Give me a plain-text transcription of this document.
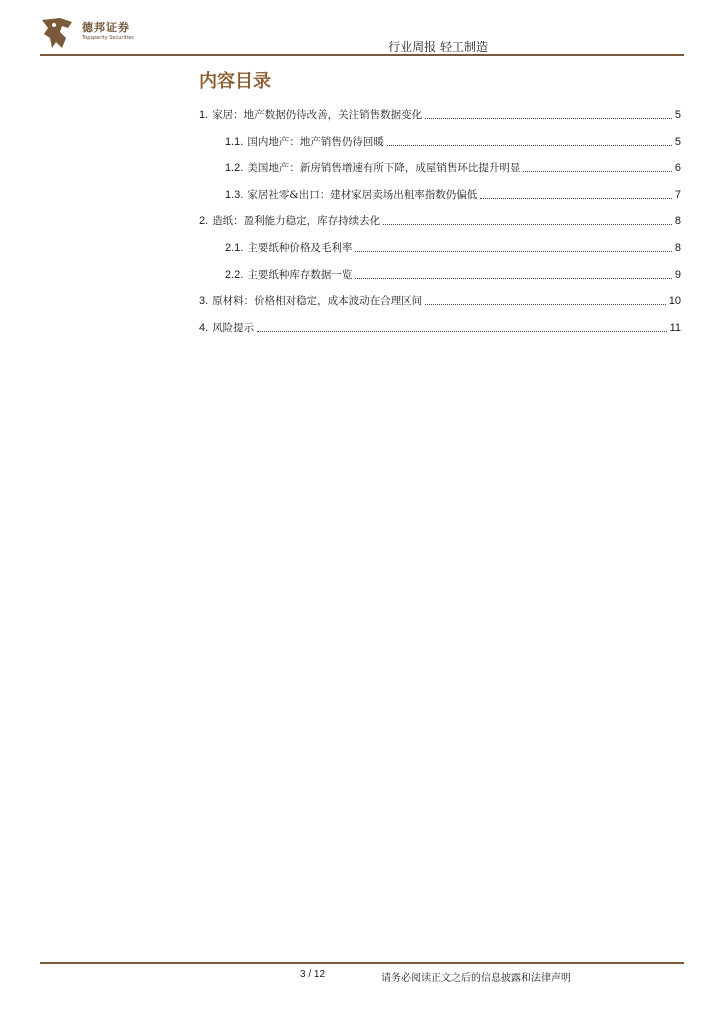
德邦证券
Topsperity Securities
行业周报 轻工制造
内容目录
1. 家居：地产数据仍待改善，关注销售数据变化	5
1.1. 国内地产：地产销售仍待回暖	5
1.2. 美国地产：新房销售增速有所下降，成屋销售环比提升明显	6
1.3. 家居社零&出口：建材家居卖场出租率指数仍偏低	7
2. 造纸：盈利能力稳定，库存持续去化	8
2.1. 主要纸种价格及毛利率	8
2.2. 主要纸种库存数据一览	9
3. 原材料：价格相对稳定，成本波动在合理区间	10
4. 风险提示	11
3 / 12	请务必阅读正文之后的信息披露和法律声明
